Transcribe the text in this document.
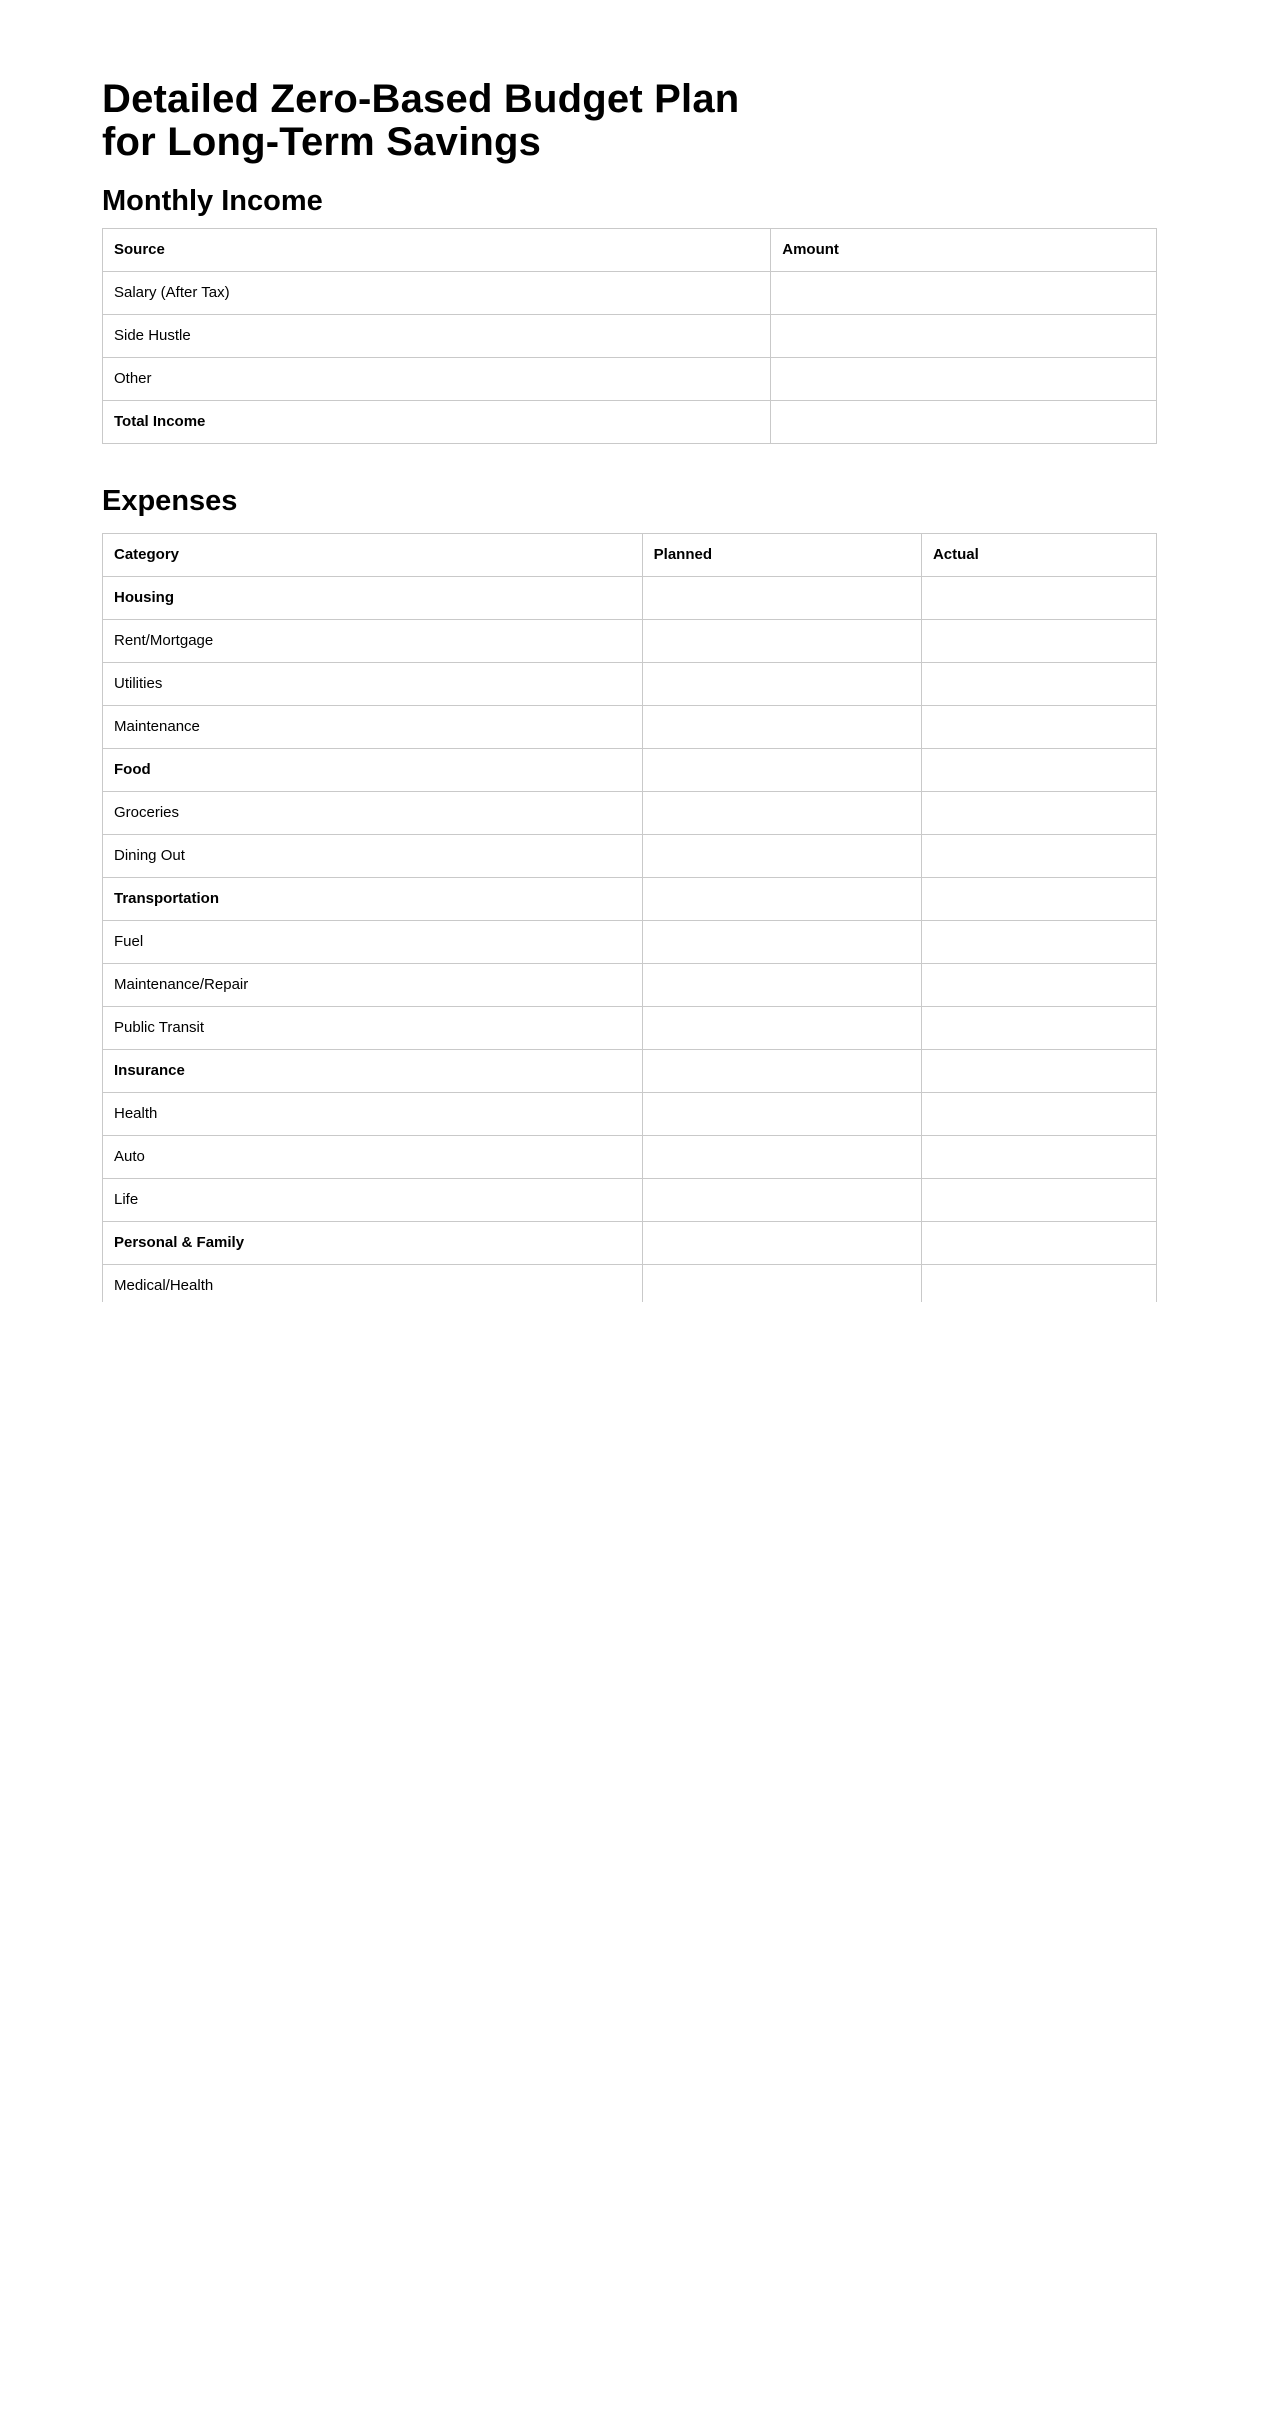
Detailed Zero-Based Budget Plan
for Long-Term Savings
Monthly Income
Source	Amount
Salary (After Tax)	
Side Hustle	
Other	
Total Income	
Expenses
Category	Planned	Actual
Housing		
Rent/Mortgage		
Utilities		
Maintenance		
Food		
Groceries		
Dining Out		
Transportation		
Fuel		
Maintenance/Repair		
Public Transit		
Insurance		
Health		
Auto		
Life		
Personal & Family		
Medical/Health		
